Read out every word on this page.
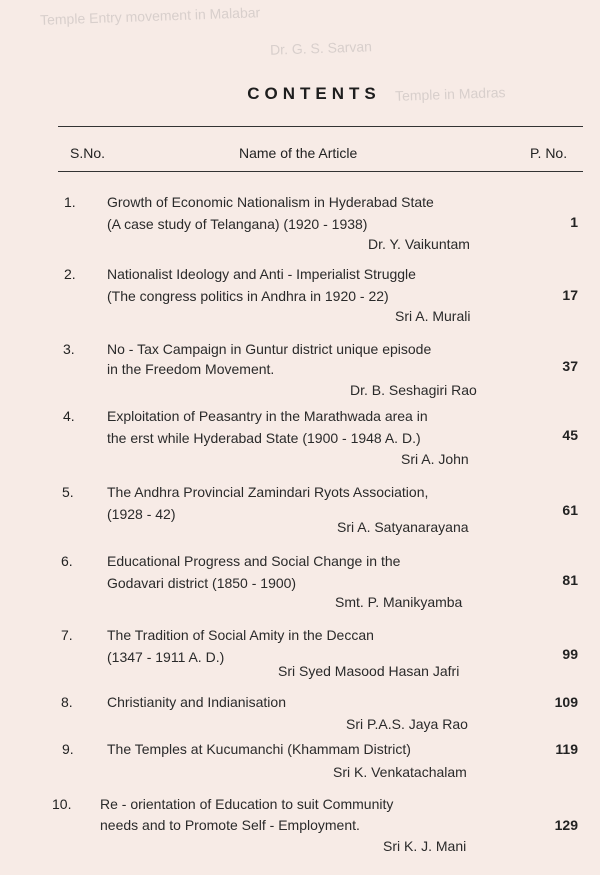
Temple Entry movement in Malabar
Dr. G. S. Sarvan
Temple in Madras
CONTENTS
S.No.	Name of the Article	P. No.
1. Growth of Economic Nationalism in Hyderabad State
(A case study of Telangana) (1920 - 1938)
Dr. Y. Vaikuntam
1
2. Nationalist Ideology and Anti - Imperialist Struggle
(The congress politics in Andhra in 1920 - 22)
Sri A. Murali
17
3. No - Tax Campaign in Guntur district unique episode
in the Freedom Movement.
Dr. B. Seshagiri Rao
37
4. Exploitation of Peasantry in the Marathwada area in
the erst while Hyderabad State (1900 - 1948 A. D.)
Sri A. John
45
5. The Andhra Provincial Zamindari Ryots Association,
(1928 - 42)
Sri A. Satyanarayana
61
6. Educational Progress and Social Change in the
Godavari district (1850 - 1900)
Smt. P. Manikyamba
81
7. The Tradition of Social Amity in the Deccan
(1347 - 1911 A. D.)
Sri Syed Masood Hasan Jafri
99
8. Christianity and Indianisation
Sri P.A.S. Jaya Rao
109
9. The Temples at Kucumanchi (Khammam District)
Sri K. Venkatachalam
119
10. Re - orientation of Education to suit Community
needs and to Promote Self - Employment.
Sri K. J. Mani
129
